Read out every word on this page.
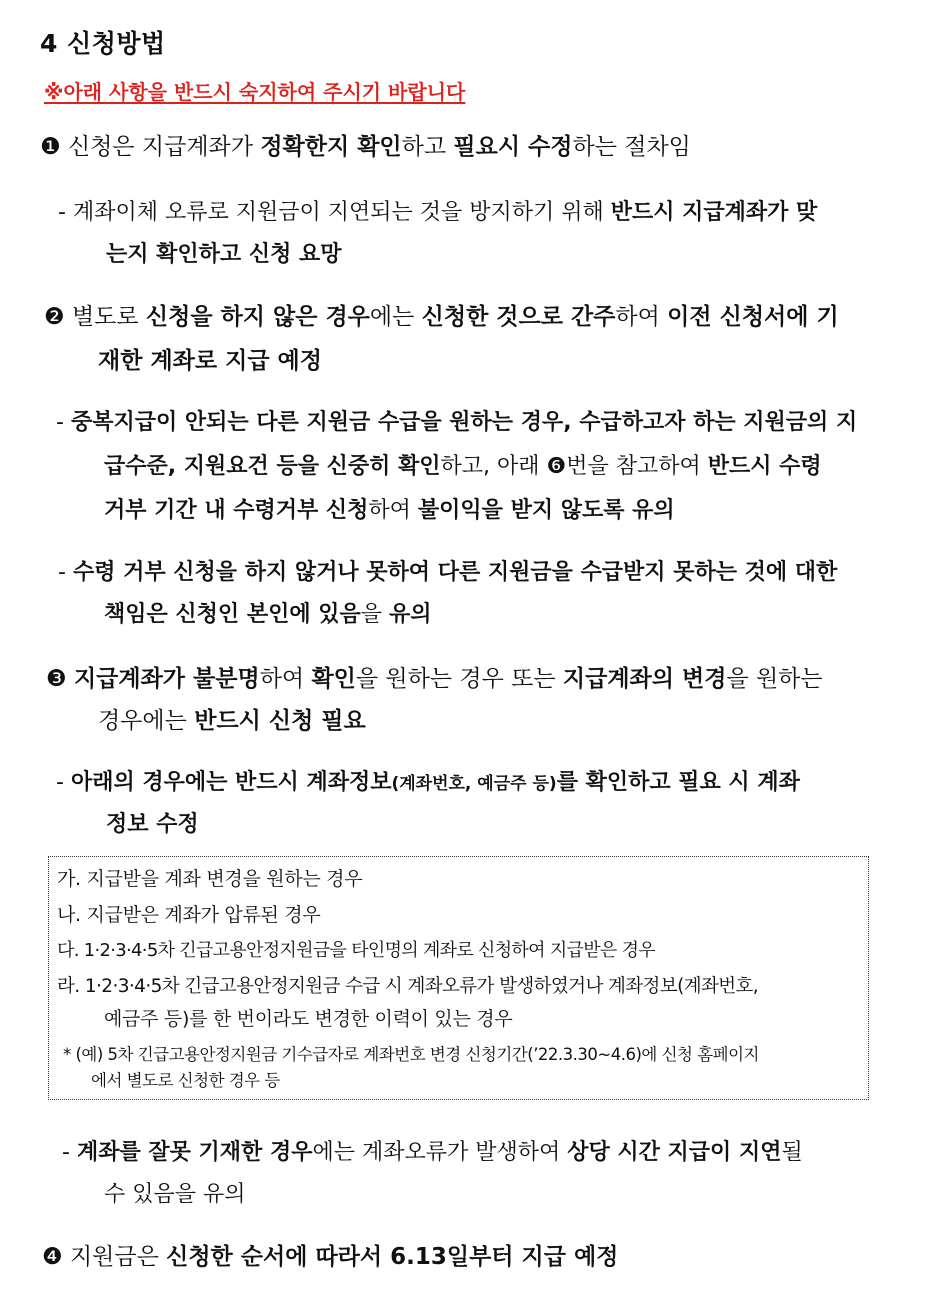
4 신청방법
※아래 사항을 반드시 숙지하여 주시기 바랍니다
❶ 신청은 지급계좌가 정확한지 확인하고 필요시 수정하는 절차임
- 계좌이체 오류로 지원금이 지연되는 것을 방지하기 위해 반드시 지급계좌가 맞
는지 확인하고 신청 요망
❷ 별도로 신청을 하지 않은 경우에는 신청한 것으로 간주하여 이전 신청서에 기
재한 계좌로 지급 예정
- 중복지급이 안되는 다른 지원금 수급을 원하는 경우, 수급하고자 하는 지원금의 지
급수준, 지원요건 등을 신중히 확인하고, 아래 ❻번을 참고하여 반드시 수령
거부 기간 내 수령거부 신청하여 불이익을 받지 않도록 유의
- 수령 거부 신청을 하지 않거나 못하여 다른 지원금을 수급받지 못하는 것에 대한
책임은 신청인 본인에 있음을 유의
❸ 지급계좌가 불분명하여 확인을 원하는 경우 또는 지급계좌의 변경을 원하는
경우에는 반드시 신청 필요
- 아래의 경우에는 반드시 계좌정보(계좌번호, 예금주 등)를 확인하고 필요 시 계좌
정보 수정
가. 지급받을 계좌 변경을 원하는 경우
나. 지급받은 계좌가 압류된 경우
다. 1·2·3·4·5차 긴급고용안정지원금을 타인명의 계좌로 신청하여 지급받은 경우
라. 1·2·3·4·5차 긴급고용안정지원금 수급 시 계좌오류가 발생하였거나 계좌정보(계좌번호,
예금주 등)를 한 번이라도 변경한 이력이 있는 경우
* (예) 5차 긴급고용안정지원금 기수급자로 계좌번호 변경 신청기간(’22.3.30~4.6)에 신청 홈페이지
에서 별도로 신청한 경우 등
- 계좌를 잘못 기재한 경우에는 계좌오류가 발생하여 상당 시간 지급이 지연될
수 있음을 유의
❹ 지원금은 신청한 순서에 따라서 6.13일부터 지급 예정
